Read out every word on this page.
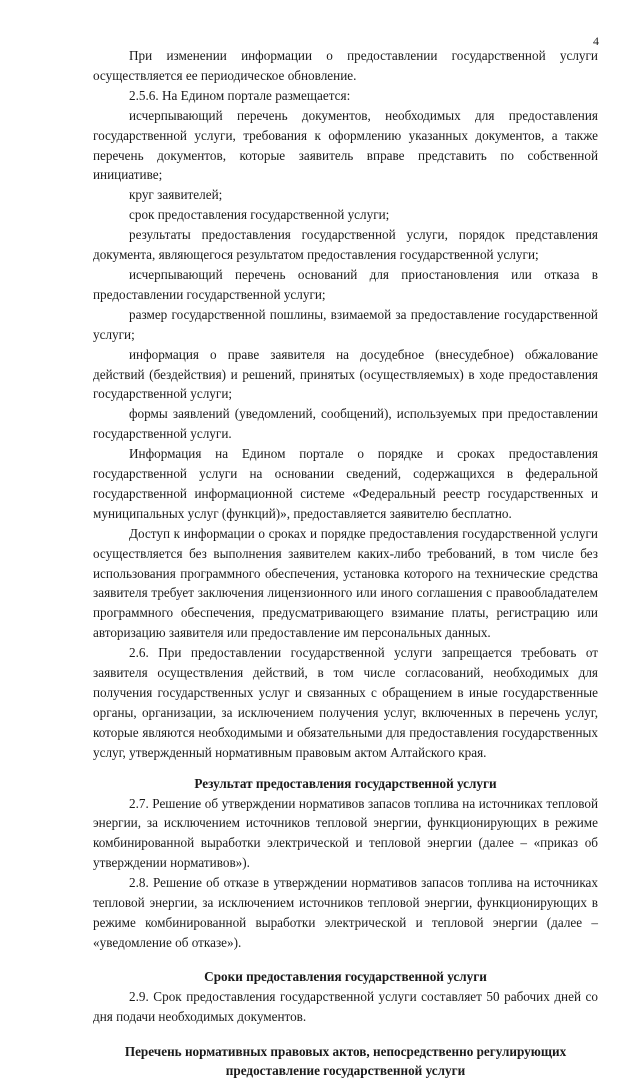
4

При изменении информации о предоставлении государственной услуги осуществляется ее периодическое обновление.

2.5.6. На Едином портале размещается:

исчерпывающий перечень документов, необходимых для предоставления государственной услуги, требования к оформлению указанных документов, а также перечень документов, которые заявитель вправе представить по собственной инициативе;

круг заявителей;

срок предоставления государственной услуги;

результаты предоставления государственной услуги, порядок представления документа, являющегося результатом предоставления государственной услуги;

исчерпывающий перечень оснований для приостановления или отказа в предоставлении государственной услуги;

размер государственной пошлины, взимаемой за предоставление государственной услуги;

информация о праве заявителя на досудебное (внесудебное) обжалование действий (бездействия) и решений, принятых (осуществляемых) в ходе предоставления государственной услуги;

формы заявлений (уведомлений, сообщений), используемых при предоставлении государственной услуги.

Информация на Едином портале о порядке и сроках предоставления государственной услуги на основании сведений, содержащихся в федеральной государственной информационной системе «Федеральный реестр государственных и муниципальных услуг (функций)», предоставляется заявителю бесплатно.

Доступ к информации о сроках и порядке предоставления государственной услуги осуществляется без выполнения заявителем каких-либо требований, в том числе без использования программного обеспечения, установка которого на технические средства заявителя требует заключения лицензионного или иного соглашения с правообладателем программного обеспечения, предусматривающего взимание платы, регистрацию или авторизацию заявителя или предоставление им персональных данных.

2.6. При предоставлении государственной услуги запрещается требовать от заявителя осуществления действий, в том числе согласований, необходимых для получения государственных услуг и связанных с обращением в иные государственные органы, организации, за исключением получения услуг, включенных в перечень услуг, которые являются необходимыми и обязательными для предоставления государственных услуг, утвержденный нормативным правовым актом Алтайского края.

Результат предоставления государственной услуги

2.7. Решение об утверждении нормативов запасов топлива на источниках тепловой энергии, за исключением источников тепловой энергии, функционирующих в режиме комбинированной выработки электрической и тепловой энергии (далее – «приказ об утверждении нормативов»).

2.8. Решение об отказе в утверждении нормативов запасов топлива на источниках тепловой энергии, за исключением источников тепловой энергии, функционирующих в режиме комбинированной выработки электрической и тепловой энергии (далее – «уведомление об отказе»).

Сроки предоставления государственной услуги

2.9. Срок предоставления государственной услуги составляет 50 рабочих дней со дня подачи необходимых документов.

Перечень нормативных правовых актов, непосредственно регулирующих
предоставление государственной услуги
